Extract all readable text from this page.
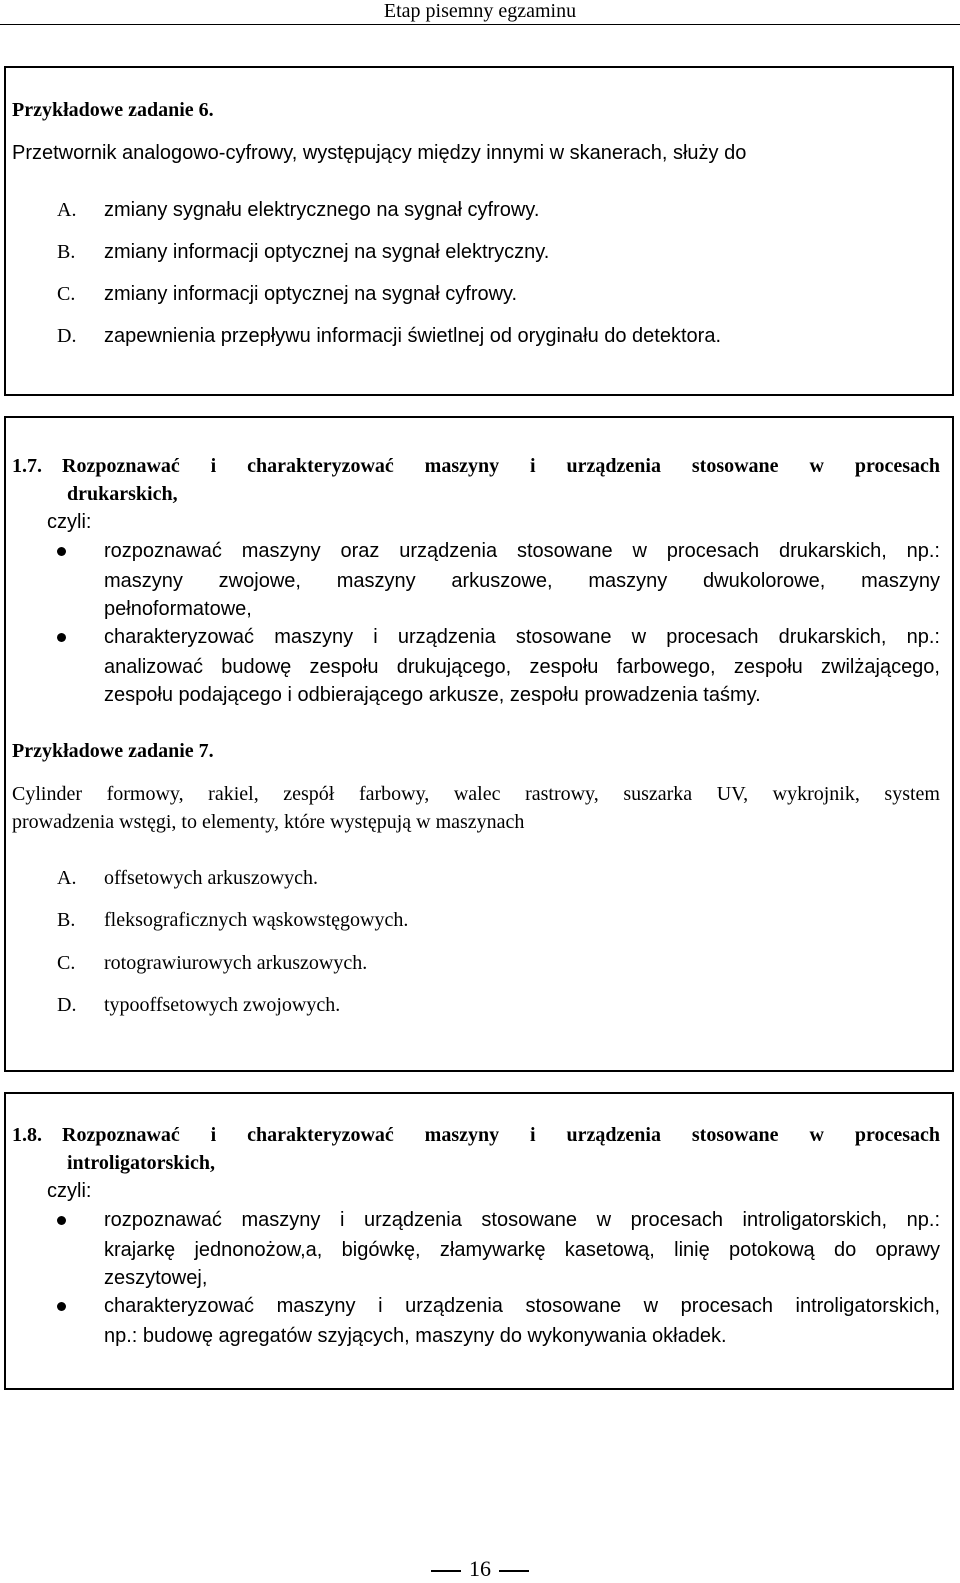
Etap pisemny egzaminu
Przykładowe zadanie 6.
Przetwornik analogowo-cyfrowy, występujący między innymi w skanerach, służy do
A. zmiany sygnału elektrycznego na sygnał cyfrowy.
B. zmiany informacji optycznej na sygnał elektryczny.
C. zmiany informacji optycznej na sygnał cyfrowy.
D. zapewnienia przepływu informacji świetlnej od oryginału do detektora.
1.7. Rozpoznawać i charakteryzować maszyny i urządzenia stosowane w procesach
drukarskich,
czyli:
rozpoznawać maszyny oraz urządzenia stosowane w procesach drukarskich, np.:
maszyny zwojowe, maszyny arkuszowe, maszyny dwukolorowe, maszyny
pełnoformatowe,
charakteryzować maszyny i urządzenia stosowane w procesach drukarskich, np.:
analizować budowę zespołu drukującego, zespołu farbowego, zespołu zwilżającego,
zespołu podającego i odbierającego arkusze, zespołu prowadzenia taśmy.
Przykładowe zadanie 7.
Cylinder formowy, rakiel, zespół farbowy, walec rastrowy, suszarka UV, wykrojnik, system
prowadzenia wstęgi, to elementy, które występują w maszynach
A. offsetowych arkuszowych.
B. fleksograficznych wąskowstęgowych.
C. rotograwiurowych arkuszowych.
D. typooffsetowych zwojowych.
1.8. Rozpoznawać i charakteryzować maszyny i urządzenia stosowane w procesach
introligatorskich,
czyli:
rozpoznawać maszyny i urządzenia stosowane w procesach introligatorskich, np.:
krajarkę jednonożow,a, bigówkę, złamywarkę kasetową, linię potokową do oprawy
zeszytowej,
charakteryzować maszyny i urządzenia stosowane w procesach introligatorskich,
np.: budowę agregatów szyjących, maszyny do wykonywania okładek.
16
